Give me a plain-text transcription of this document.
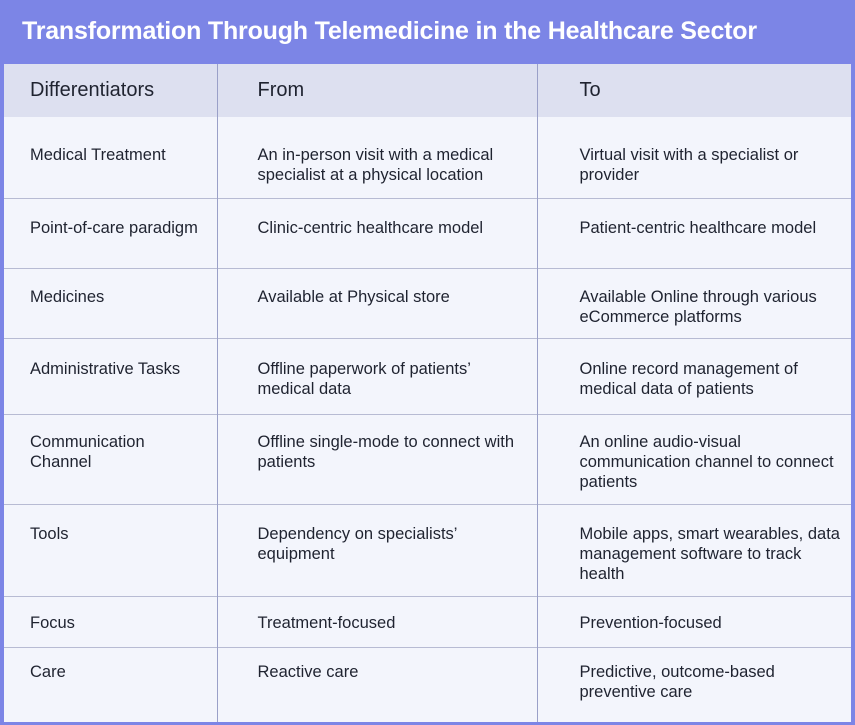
Transformation Through Telemedicine in the Healthcare Sector
Differentiators	From	To
Medical Treatment	An in-person visit with a medical specialist at a physical location	Virtual visit with a specialist or provider
Point-of-care paradigm	Clinic-centric healthcare model	Patient-centric healthcare model
Medicines	Available at Physical store	Available Online through various eCommerce platforms
Administrative Tasks	Offline paperwork of patients’ medical data	Online record management of medical data of patients
Communication Channel	Offline single-mode to connect with patients	An online audio-visual communication channel to connect patients
Tools	Dependency on specialists’ equipment	Mobile apps, smart wearables, data management software to track health
Focus	Treatment-focused	Prevention-focused
Care	Reactive care	Predictive, outcome-based preventive care
